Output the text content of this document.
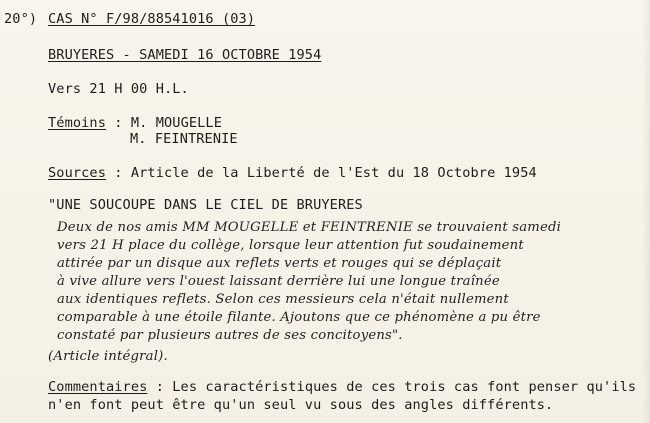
20°) CAS N° F/98/88541016 (03)
BRUYERES - SAMEDI 16 OCTOBRE 1954
Vers 21 H 00 H.L.
Témoins : M. MOUGELLE
M. FEINTRENIE
Sources : Article de la Liberté de l'Est du 18 Octobre 1954
"UNE SOUCOUPE DANS LE CIEL DE BRUYERES
Deux de nos amis MM MOUGELLE et FEINTRENIE se trouvaient samedi
vers 21 H place du collège, lorsque leur attention fut soudainement
attirée par un disque aux reflets verts et rouges qui se déplaçait
à vive allure vers l'ouest laissant derrière lui une longue traînée
aux identiques reflets. Selon ces messieurs cela n'était nullement
comparable à une étoile filante. Ajoutons que ce phénomène a pu être
constaté par plusieurs autres de ses concitoyens".
(Article intégral).
Commentaires : Les caractéristiques de ces trois cas font penser qu'ils
n'en font peut être qu'un seul vu sous des angles différents.
